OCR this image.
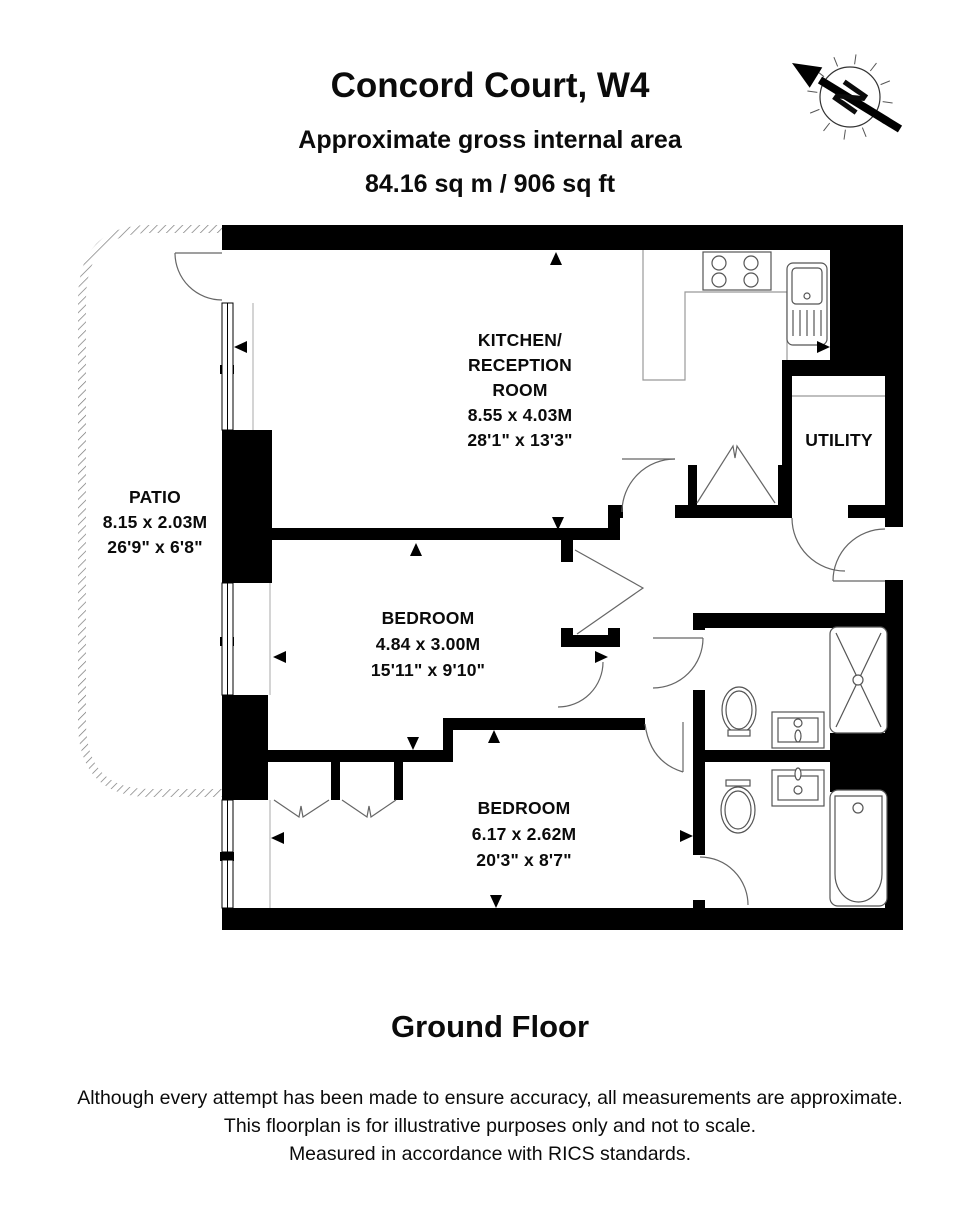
Concord Court, W4
Approximate gross internal area
84.16 sq m / 906 sq ft
N
KITCHEN/
RECEPTION
ROOM
8.55 x 4.03M
28'1" x 13'3"
PATIO
8.15 x 2.03M
26'9" x 6'8"
UTILITY
BEDROOM
4.84 x 3.00M
15'11" x 9'10"
BEDROOM
6.17 x 2.62M
20'3" x 8'7"
Ground Floor
Although every attempt has been made to ensure accuracy, all measurements are approximate.
This floorplan is for illustrative purposes only and not to scale.
Measured in accordance with RICS standards.
